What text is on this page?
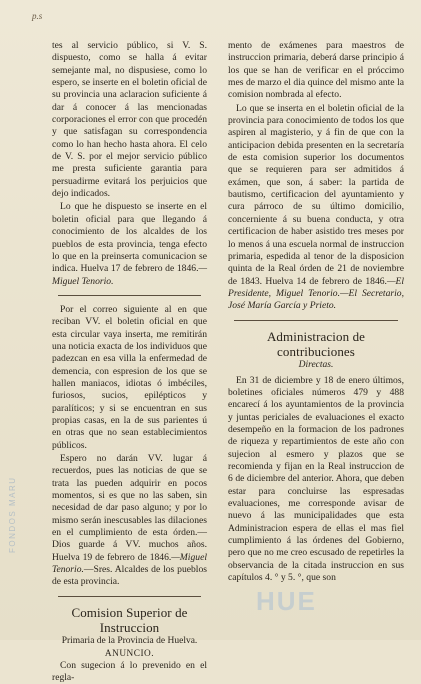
p.s
FONDOS MARU

tes al servicio público, si V. S. dispuesto, como se halla á evitar semejante mal, no dispusiese, como lo espero, se inserte en el boletin oficial de su provincia una aclaracion suficiente á dar á conocer á las mencionadas corporaciones el error con que procedén y que satisfagan su correspondencia como lo han hecho hasta ahora. El celo de V. S. por el mejor servicio público me presta suficiente garantia para persuadirme evitará los perjuicios que dejo indicados.

Lo que he dispuesto se inserte en el boletin oficial para que llegando á conocimiento de los alcaldes de los pueblos de esta provincia, tenga efecto lo que en la preinserta comunicacion se indica. Huelva 17 de febrero de 1846.—Miguel Tenorio.

Por el correo siguiente al en que reciban VV. el boletin oficial en que esta circular vaya inserta, me remitirán una noticia exacta de los individuos que padezcan en esa villa la enfermedad de demencia, con espresion de los que se hallen maniacos, idiotas ó imbéciles, furiosos, sucios, epilépticos y paralíticos; y si se encuentran en sus propias casas, en la de sus parientes ú en otras que no sean establecimientos públicos.

Espero no darán VV. lugar á recuerdos, pues las noticias de que se trata las pueden adquirir en pocos momentos, si es que no las saben, sin necesidad de dar paso alguno; y por lo mismo serán inescusables las dilaciones en el cumplimiento de esta órden.—Dios guarde á VV. muchos años. Huelva 19 de febrero de 1846.—Miguel Tenorio.—Sres. Alcaldes de los pueblos de esta provincia.

Comision Superior de Instruccion
Primaria de la Provincia de Huelva.
ANUNCIO.

Con sugecion á lo prevenido en el regla-

mento de exámenes para maestros de instruccion primaria, deberá darse principio á los que se han de verificar en el próccimo mes de marzo el dia quince del mismo ante la comision nombrada al efecto.

Lo que se inserta en el boletin oficial de la provincia para conocimiento de todos los que aspiren al magisterio, y á fin de que con la anticipacion debida presenten en la secretaría de esta comision superior los documentos que se requieren para ser admitidos á exámen, que son, á saber: la partida de bautismo, certificacion del ayuntamiento y cura párroco de su último domicilio, concerniente á su buena conducta, y otra certificacion de haber asistido tres meses por lo menos á una escuela normal de instruccion primaria, espedida al tenor de la disposicion quinta de la Real órden de 21 de noviembre de 1843. Huelva 14 de febrero de 1846.—El Presidente, Miguel Tenorio.—El Secretario, José María García y Prieto.

Administracion de contribuciones
Directas.

En 31 de diciembre y 18 de enero últimos, boletines oficiales números 479 y 488 encarecí á los ayuntamientos de la provincia y juntas periciales de evaluaciones el exacto desempeño en la formacion de los padrones de riqueza y repartimientos de este año con sujecion al esmero y plazos que se recomienda y fijan en la Real instruccion de 6 de diciembre del anterior. Ahora, que deben estar para concluirse las espresadas evaluaciones, me corresponde avisar de nuevo á las municipalidades que esta Administracion espera de ellas el mas fiel cumplimiento á las órdenes del Gobierno, pero que no me creo escusado de repetirles la observancia de la citada instruccion en sus capítulos 4. ° y 5. °, que son

HUE
